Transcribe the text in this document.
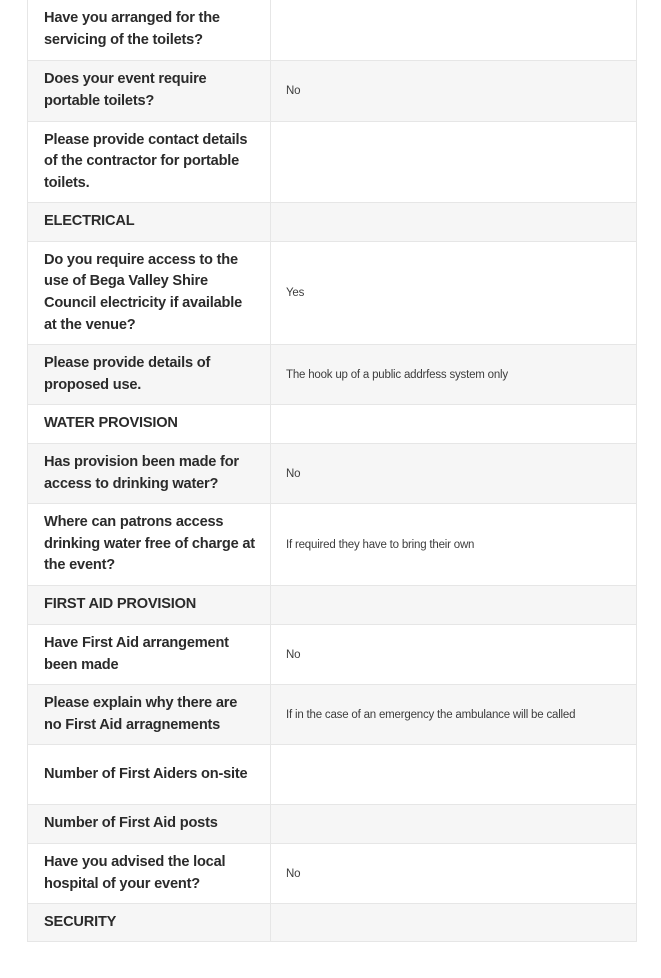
Have you arranged for the servicing of the toilets?	
Does your event require portable toilets?	No
Please provide contact details of the contractor for portable toilets.	
ELECTRICAL	
Do you require access to the use of Bega Valley Shire Council electricity if available at the venue?	Yes
Please provide details of proposed use.	The hook up of a public addrfess system only
WATER PROVISION	
Has provision been made for access to drinking water?	No
Where can patrons access drinking water free of charge at the event?	If required they have to bring their own
FIRST AID PROVISION	
Have First Aid arrangement been made	No
Please explain why there are no First Aid arragnements	If in the case of an emergency the ambulance will be called
Number of First Aiders on-site	
Number of First Aid posts	
Have you advised the local hospital of your event?	No
SECURITY	
